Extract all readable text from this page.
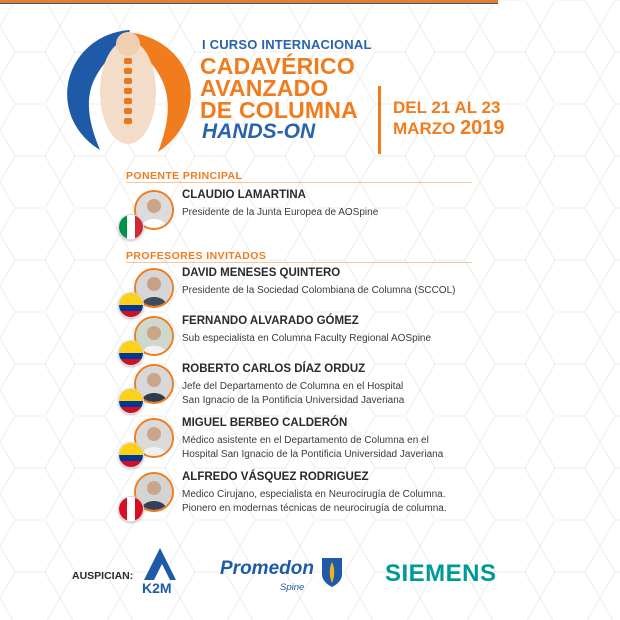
I CURSO INTERNACIONAL
CADAVÉRICO
AVANZADO
DE COLUMNA
HANDS-ON
DEL 21 AL 23
MARZO 2019
PONENTE PRINCIPAL
CLAUDIO LAMARTINA
Presidente de la Junta Europea de AOSpine
PROFESORES INVITADOS
DAVID MENESES QUINTERO
Presidente de la Sociedad Colombiana de Columna (SCCOL)
FERNANDO ALVARADO GÓMEZ
Sub especialista en Columna Faculty Regional AOSpine
ROBERTO CARLOS DÍAZ ORDUZ
Jefe del Departamento de Columna en el Hospital
San Ignacio de la Pontificia Universidad Javeriana
MIGUEL BERBEO CALDERÓN
Médico asistente en el Departamento de Columna en el
Hospital San Ignacio de la Pontificia Universidad Javeriana
ALFREDO VÁSQUEZ RODRIGUEZ
Medico Cirujano, especialista en Neurocirugía de Columna.
Pionero en modernas técnicas de neurocirugía de columna.
AUSPICIAN:
K2M
Promedon
Spine
SIEMENS
